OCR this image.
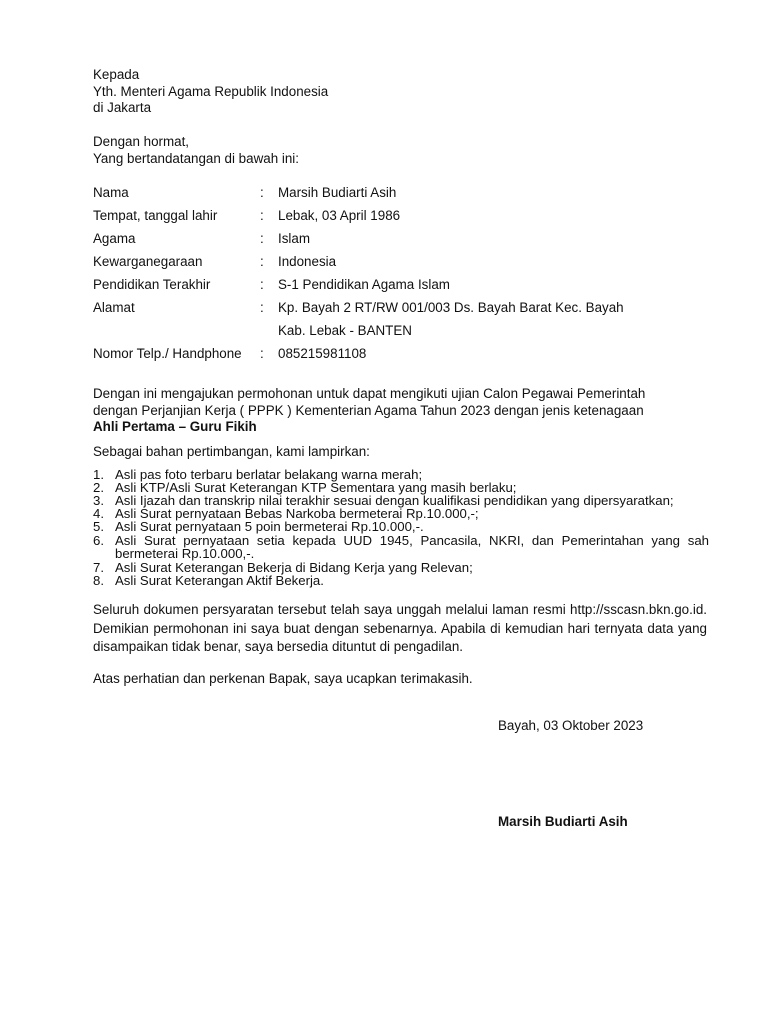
Kepada
Yth. Menteri Agama Republik Indonesia
di Jakarta
Dengan hormat,
Yang bertandatangan di bawah ini:
Nama	: Marsih Budiarti Asih
Tempat, tanggal lahir	: Lebak, 03 April 1986
Agama	: Islam
Kewarganegaraan	: Indonesia
Pendidikan Terakhir	: S-1 Pendidikan Agama Islam
Alamat	: Kp. Bayah 2 RT/RW 001/003 Ds. Bayah Barat Kec. Bayah
Kab. Lebak - BANTEN
Nomor Telp./ Handphone : 085215981108
Dengan ini mengajukan permohonan untuk dapat mengikuti ujian Calon Pegawai Pemerintah
dengan Perjanjian Kerja ( PPPK ) Kementerian Agama Tahun 2023 dengan jenis ketenagaan
Ahli Pertama – Guru Fikih
Sebagai bahan pertimbangan, kami lampirkan:
1. Asli pas foto terbaru berlatar belakang warna merah;
2. Asli KTP/Asli Surat Keterangan KTP Sementara yang masih berlaku;
3. Asli Ijazah dan transkrip nilai terakhir sesuai dengan kualifikasi pendidikan yang dipersyaratkan;
4. Asli Surat pernyataan Bebas Narkoba bermeterai Rp.10.000,-;
5. Asli Surat pernyataan 5 poin bermeterai Rp.10.000,-.
6. Asli Surat pernyataan setia kepada UUD 1945, Pancasila, NKRI, dan Pemerintahan yang sah bermeterai Rp.10.000,-.
7. Asli Surat Keterangan Bekerja di Bidang Kerja yang Relevan;
8. Asli Surat Keterangan Aktif Bekerja.
Seluruh dokumen persyaratan tersebut telah saya unggah melalui laman resmi http://sscasn.bkn.go.id. Demikian permohonan ini saya buat dengan sebenarnya. Apabila di kemudian hari ternyata data yang disampaikan tidak benar, saya bersedia dituntut di pengadilan.
Atas perhatian dan perkenan Bapak, saya ucapkan terimakasih.
Bayah, 03 Oktober 2023
Marsih Budiarti Asih
